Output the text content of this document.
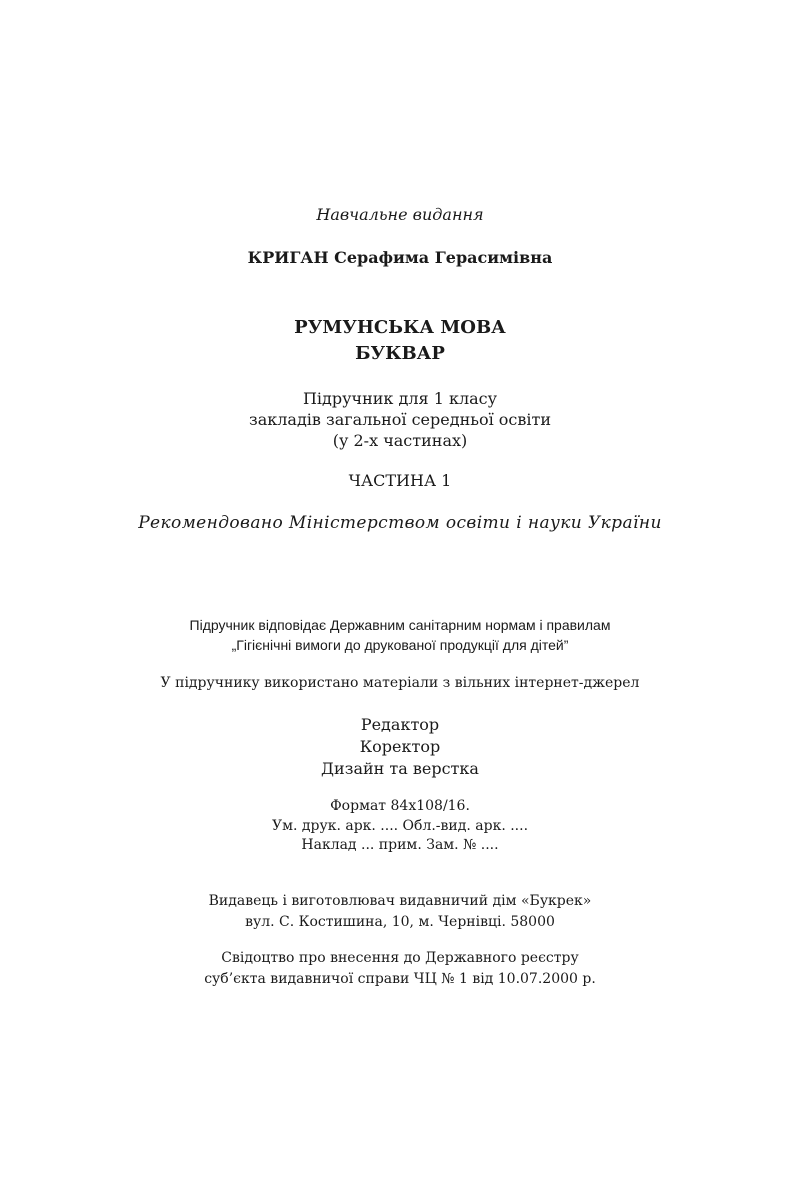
Навчальне видання
КРИГАН Серафима Герасимівна
РУМУНСЬКА МОВА
БУКВАР
Підручник для 1 класу
закладів загальної середньої освіти
(у 2-х частинах)
ЧАСТИНА 1
Рекомендовано Міністерством освіти і науки України
Підручник відповідає Державним санітарним нормам і правилам
„Гігієнічні вимоги до друкованої продукції для дітей”
У підручнику використано матеріали з вільних інтернет-джерел
Редактор
Коректор
Дизайн та верстка
Формат 84х108/16.
Ум. друк. арк. .... Обл.-вид. арк. ....
Наклад ... прим. Зам. № ....
Видавець і виготовлювач видавничий дім «Букрек»
вул. С. Костишина, 10, м. Чернівці. 58000
Свідоцтво про внесення до Державного реєстру
суб’єкта видавничої справи ЧЦ № 1 від 10.07.2000 р.
